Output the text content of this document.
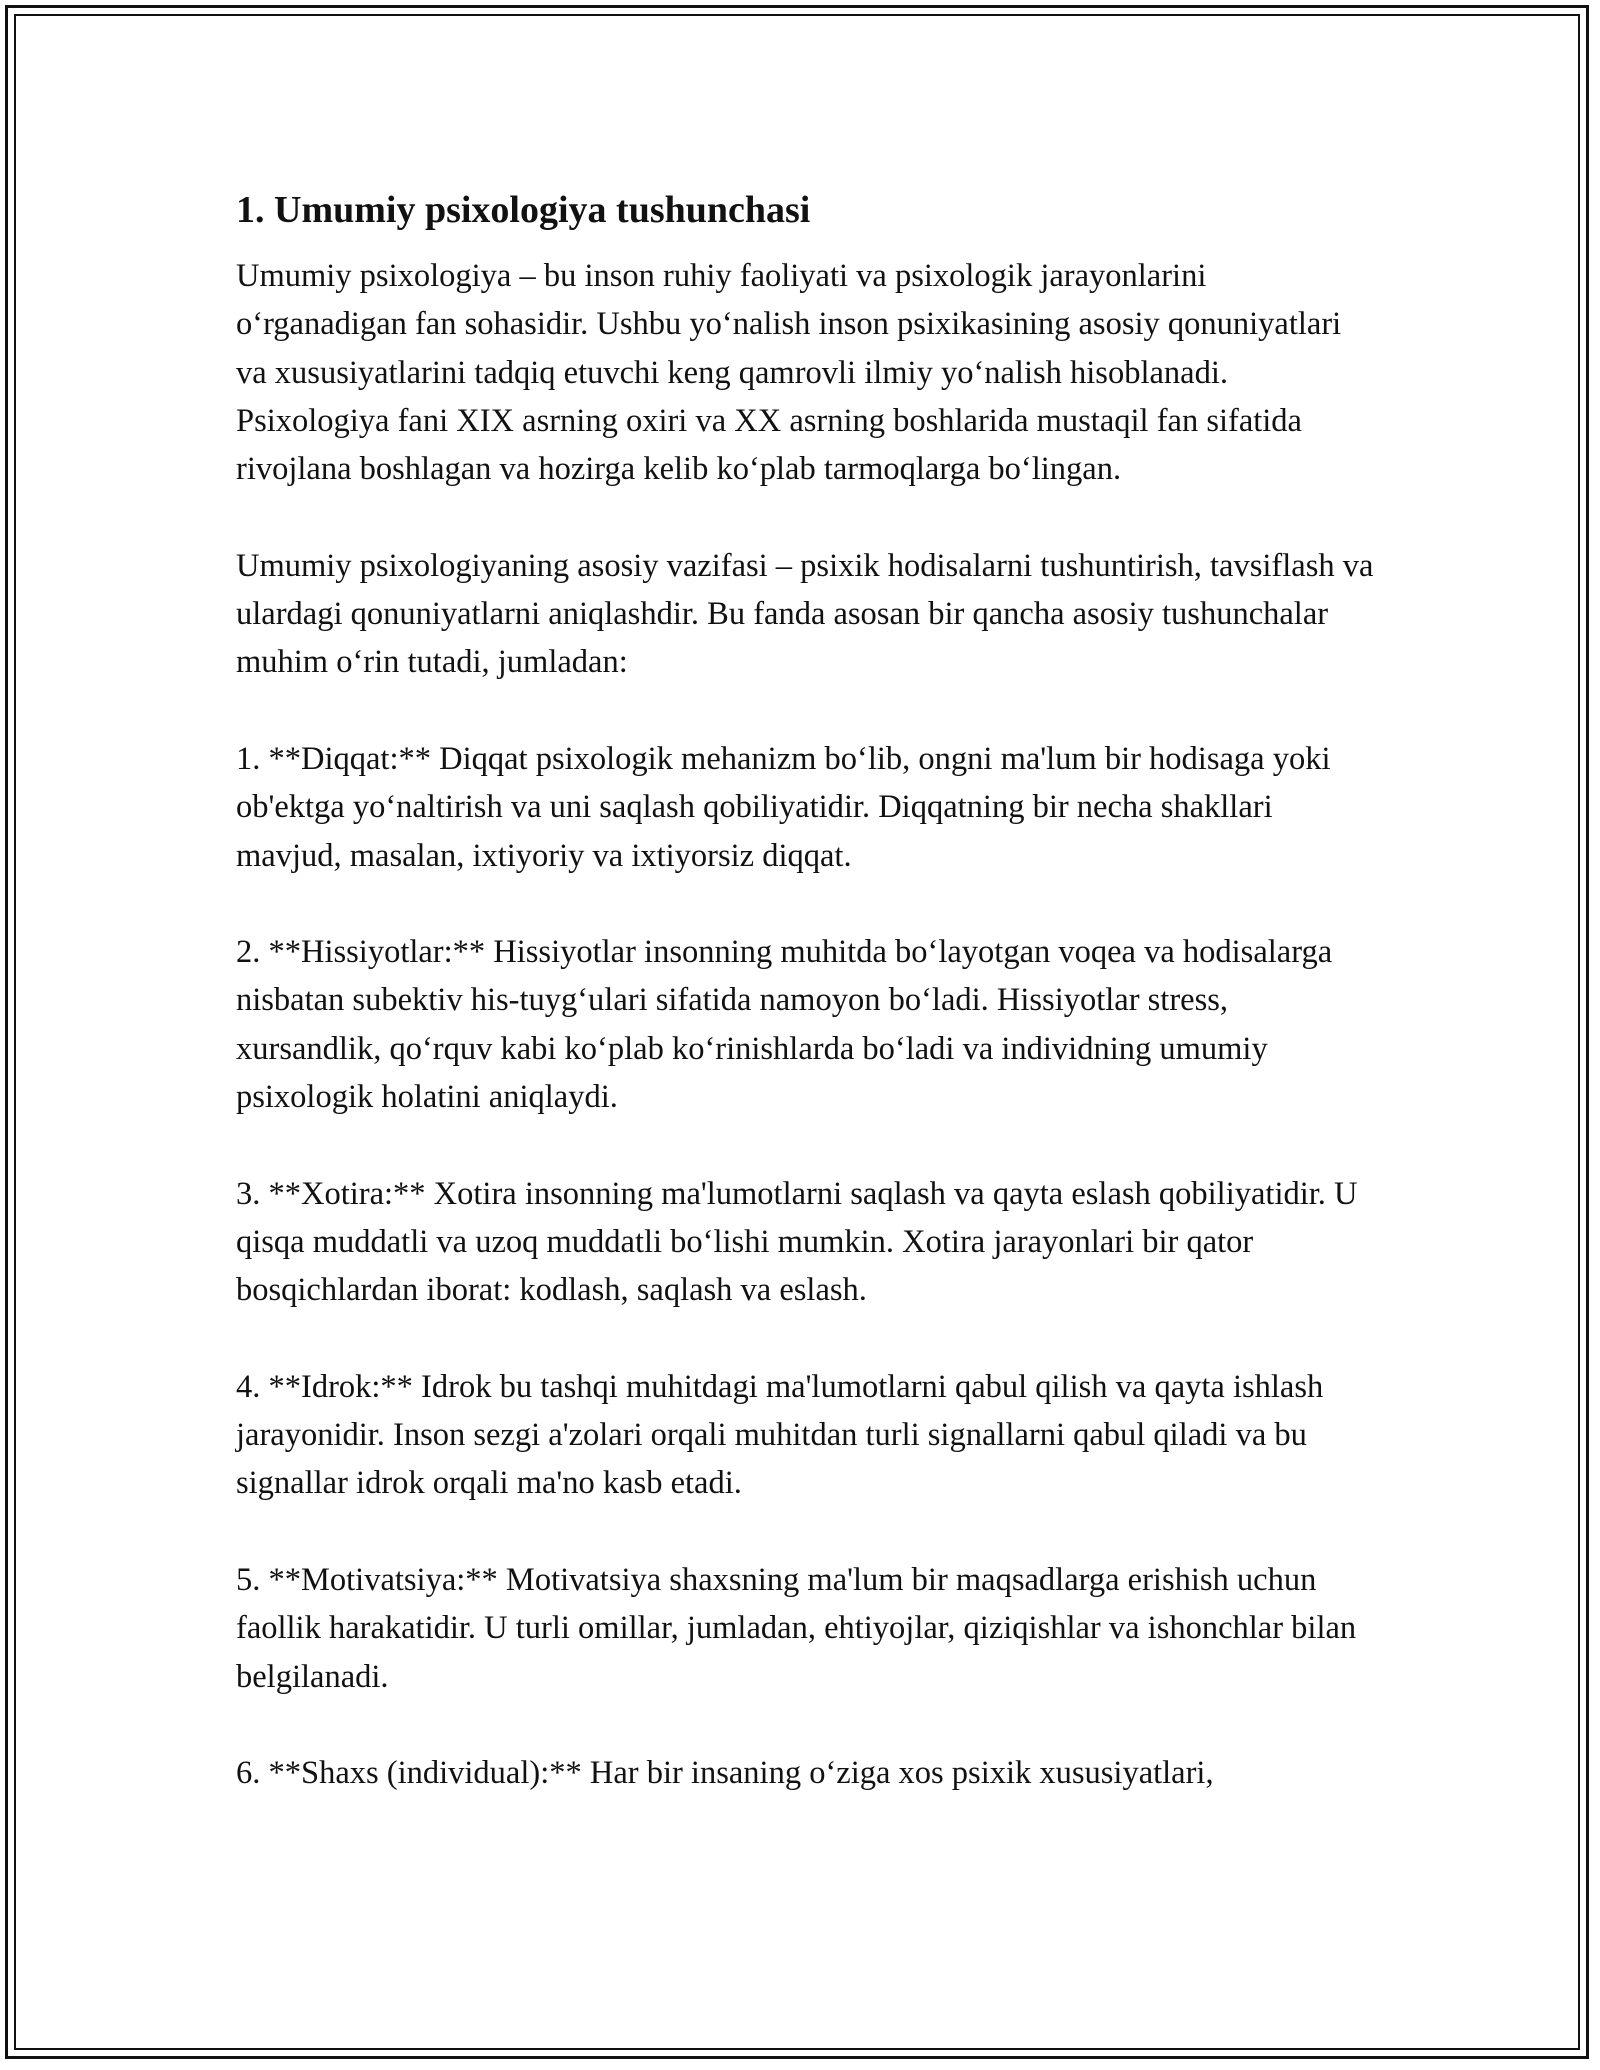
1. Umumiy psixologiya tushunchasi

Umumiy psixologiya – bu inson ruhiy faoliyati va psixologik jarayonlarini o‘rganadigan fan sohasidir. Ushbu yo‘nalish inson psixikasining asosiy qonuniyatlari va xususiyatlarini tadqiq etuvchi keng qamrovli ilmiy yo‘nalish hisoblanadi. Psixologiya fani XIX asrning oxiri va XX asrning boshlarida mustaqil fan sifatida rivojlana boshlagan va hozirga kelib ko‘plab tarmoqlarga bo‘lingan.

Umumiy psixologiyaning asosiy vazifasi – psixik hodisalarni tushuntirish, tavsiflash va ulardagi qonuniyatlarni aniqlashdir. Bu fanda asosan bir qancha asosiy tushunchalar muhim o‘rin tutadi, jumladan:

1. **Diqqat:** Diqqat psixologik mehanizm bo‘lib, ongni ma'lum bir hodisaga yoki ob'ektga yo‘naltirish va uni saqlash qobiliyatidir. Diqqatning bir necha shakllari mavjud, masalan, ixtiyoriy va ixtiyorsiz diqqat.

2. **Hissiyotlar:** Hissiyotlar insonning muhitda bo‘layotgan voqea va hodisalarga nisbatan subektiv his-tuyg‘ulari sifatida namoyon bo‘ladi. Hissiyotlar stress, xursandlik, qo‘rquv kabi ko‘plab ko‘rinishlarda bo‘ladi va individning umumiy psixologik holatini aniqlaydi.

3. **Xotira:** Xotira insonning ma'lumotlarni saqlash va qayta eslash qobiliyatidir. U qisqa muddatli va uzoq muddatli bo‘lishi mumkin. Xotira jarayonlari bir qator bosqichlardan iborat: kodlash, saqlash va eslash.

4. **Idrok:** Idrok bu tashqi muhitdagi ma'lumotlarni qabul qilish va qayta ishlash jarayonidir. Inson sezgi a'zolari orqali muhitdan turli signallarni qabul qiladi va bu signallar idrok orqali ma'no kasb etadi.

5. **Motivatsiya:** Motivatsiya shaxsning ma'lum bir maqsadlarga erishish uchun faollik harakatidir. U turli omillar, jumladan, ehtiyojlar, qiziqishlar va ishonchlar bilan belgilanadi.

6. **Shaxs (individual):** Har bir insaning o‘ziga xos psixik xususiyatlari,
